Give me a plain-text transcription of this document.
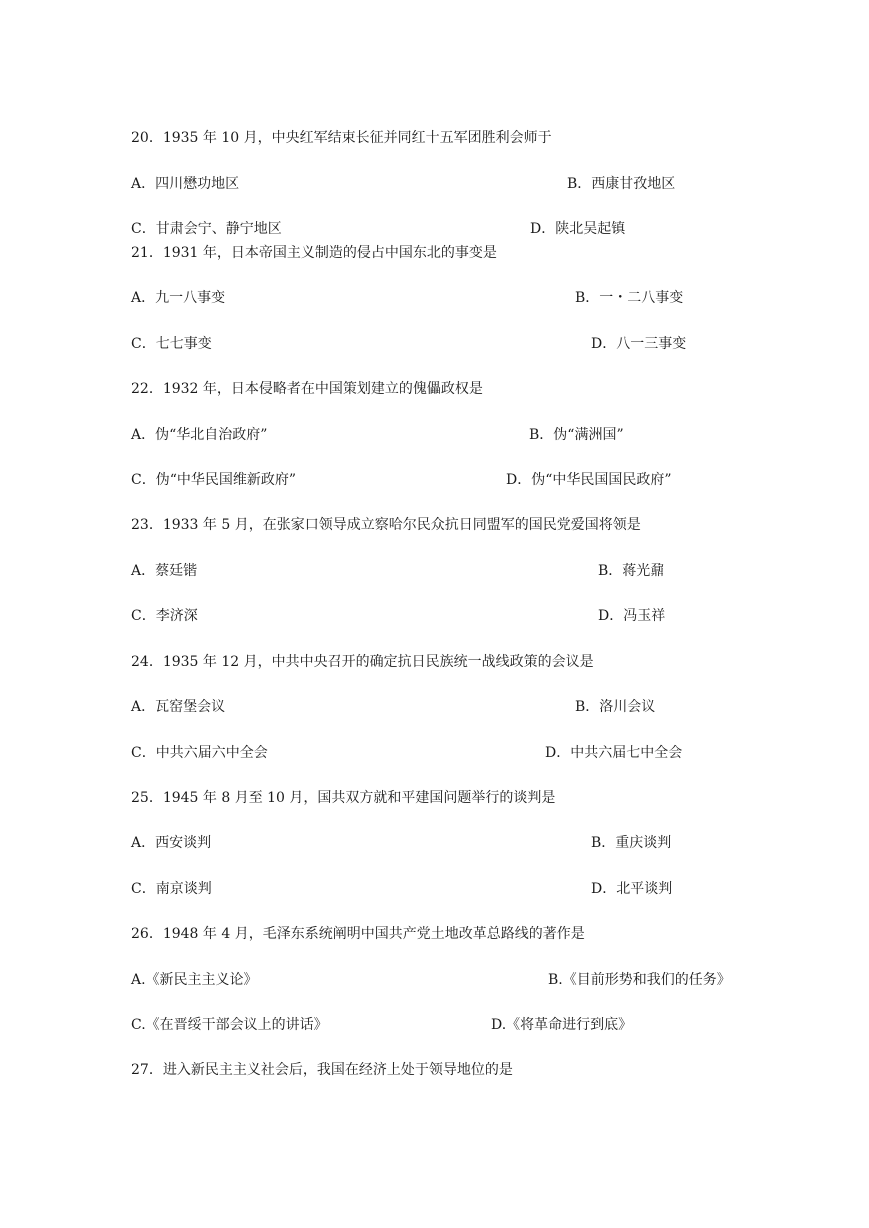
20．1935 年 10 月，中央红军结束长征并同红十五军团胜利会师于
A．四川懋功地区	B．西康甘孜地区
C．甘肃会宁、静宁地区	D．陕北吴起镇
21．1931 年，日本帝国主义制造的侵占中国东北的事变是
A．九一八事变	B．一・二八事变
C．七七事变	D．八一三事变
22．1932 年，日本侵略者在中国策划建立的傀儡政权是
A．伪“华北自治政府”	B．伪“满洲国”
C．伪“中华民国维新政府”	D．伪“中华民国国民政府”
23．1933 年 5 月，在张家口领导成立察哈尔民众抗日同盟军的国民党爱国将领是
A．蔡廷锴	B．蒋光鼐
C．李济深	D．冯玉祥
24．1935 年 12 月，中共中央召开的确定抗日民族统一战线政策的会议是
A．瓦窑堡会议	B．洛川会议
C．中共六届六中全会	D．中共六届七中全会
25．1945 年 8 月至 10 月，国共双方就和平建国问题举行的谈判是
A．西安谈判	B．重庆谈判
C．南京谈判	D．北平谈判
26．1948 年 4 月，毛泽东系统阐明中国共产党土地改革总路线的著作是
A.《新民主主义论》	B.《目前形势和我们的任务》
C.《在晋绥干部会议上的讲话》	D.《将革命进行到底》
27．进入新民主主义社会后，我国在经济上处于领导地位的是
